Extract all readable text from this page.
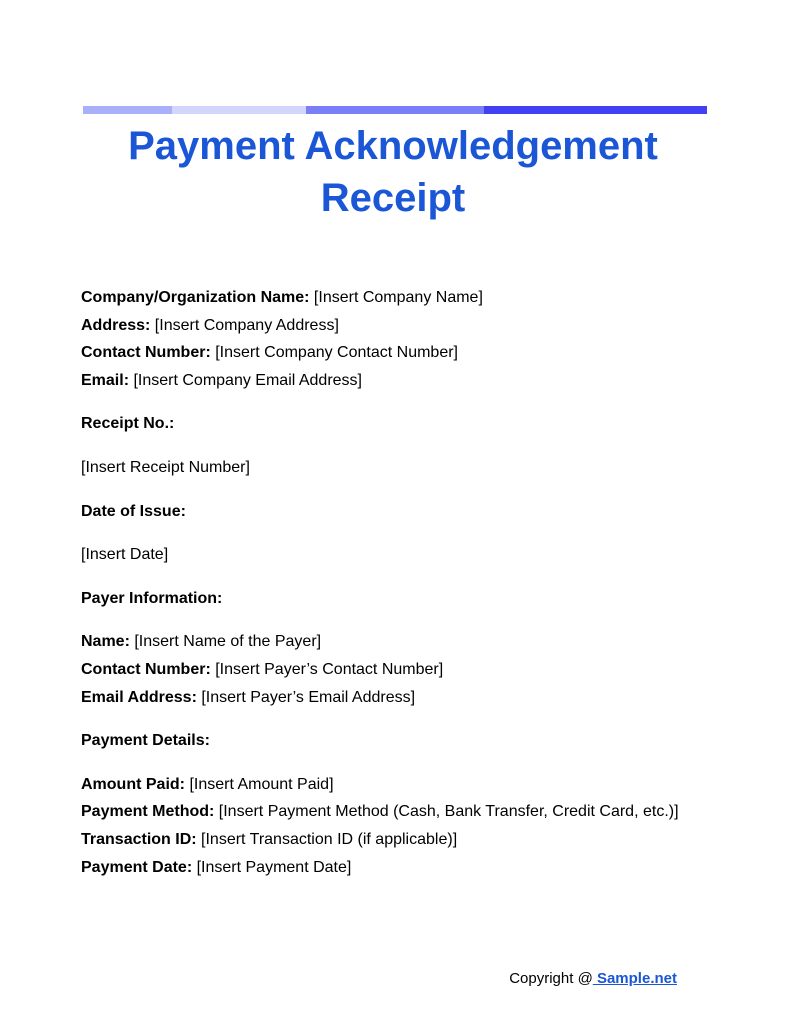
Payment Acknowledgement
Receipt
Company/Organization Name: [Insert Company Name]
Address: [Insert Company Address]
Contact Number: [Insert Company Contact Number]
Email: [Insert Company Email Address]
Receipt No.:
[Insert Receipt Number]
Date of Issue:
[Insert Date]
Payer Information:
Name: [Insert Name of the Payer]
Contact Number: [Insert Payer’s Contact Number]
Email Address: [Insert Payer’s Email Address]
Payment Details:
Amount Paid: [Insert Amount Paid]
Payment Method: [Insert Payment Method (Cash, Bank Transfer, Credit Card, etc.)]
Transaction ID: [Insert Transaction ID (if applicable)]
Payment Date: [Insert Payment Date]
Copyright @ Sample.net
